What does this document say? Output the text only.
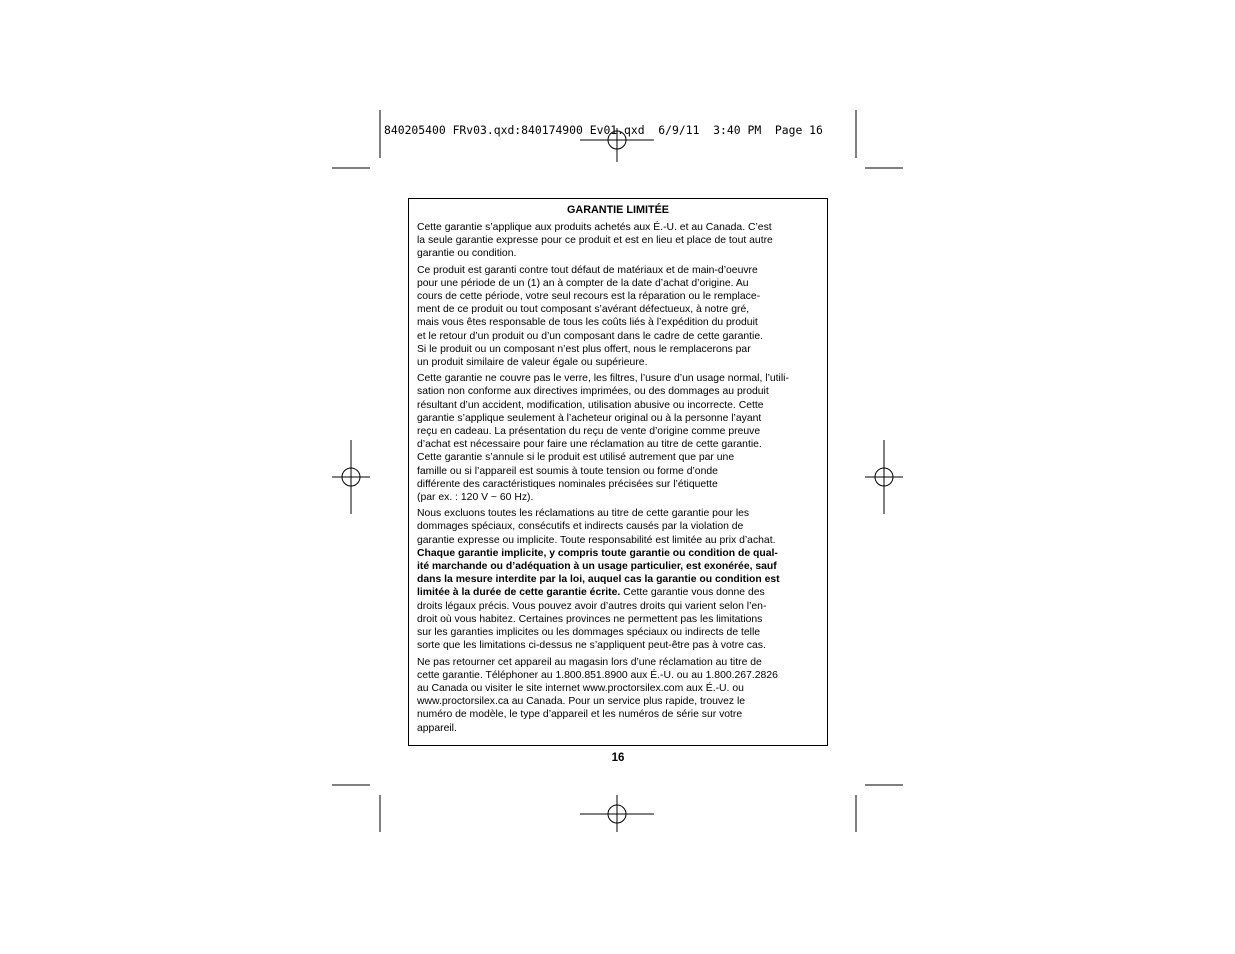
840205400 FRv03.qxd:840174900 Ev01.qxd  6/9/11  3:40 PM  Page 16
GARANTIE LIMITÉE

Cette garantie s’applique aux produits achetés aux É.-U. et au Canada. C’est
la seule garantie expresse pour ce produit et est en lieu et place de tout autre
garantie ou condition.

Ce produit est garanti contre tout défaut de matériaux et de main-d’oeuvre
pour une période de un (1) an à compter de la date d’achat d’origine. Au
cours de cette période, votre seul recours est la réparation ou le remplace-
ment de ce produit ou tout composant s’avérant défectueux, à notre gré,
mais vous êtes responsable de tous les coûts liés à l’expédition du produit
et le retour d’un produit ou d’un composant dans le cadre de cette garantie.
Si le produit ou un composant n’est plus offert, nous le remplacerons par
un produit similaire de valeur égale ou supérieure.

Cette garantie ne couvre pas le verre, les filtres, l’usure d’un usage normal, l’utili-
sation non conforme aux directives imprimées, ou des dommages au produit
résultant d’un accident, modification, utilisation abusive ou incorrecte. Cette
garantie s’applique seulement à l’acheteur original ou à la personne l’ayant
reçu en cadeau. La présentation du reçu de vente d’origine comme preuve
d’achat est nécessaire pour faire une réclamation au titre de cette garantie.
Cette garantie s’annule si le produit est utilisé autrement que par une
famille ou si l’appareil est soumis à toute tension ou forme d’onde
différente des caractéristiques nominales précisées sur l’étiquette
(par ex. : 120 V ~ 60 Hz).

Nous excluons toutes les réclamations au titre de cette garantie pour les
dommages spéciaux, consécutifs et indirects causés par la violation de
garantie expresse ou implicite. Toute responsabilité est limitée au prix d’achat.
Chaque garantie implicite, y compris toute garantie ou condition de qual-
ité marchande ou d’adéquation à un usage particulier, est exonérée, sauf
dans la mesure interdite par la loi, auquel cas la garantie ou condition est
limitée à la durée de cette garantie écrite. Cette garantie vous donne des
droits légaux précis. Vous pouvez avoir d’autres droits qui varient selon l’en-
droit où vous habitez. Certaines provinces ne permettent pas les limitations
sur les garanties implicites ou les dommages spéciaux ou indirects de telle
sorte que les limitations ci-dessus ne s’appliquent peut-être pas à votre cas.

Ne pas retourner cet appareil au magasin lors d’une réclamation au titre de
cette garantie. Téléphoner au 1.800.851.8900 aux É.-U. ou au 1.800.267.2826
au Canada ou visiter le site internet www.proctorsilex.com aux É.-U. ou
www.proctorsilex.ca au Canada. Pour un service plus rapide, trouvez le
numéro de modèle, le type d’appareil et les numéros de série sur votre
appareil.

16
